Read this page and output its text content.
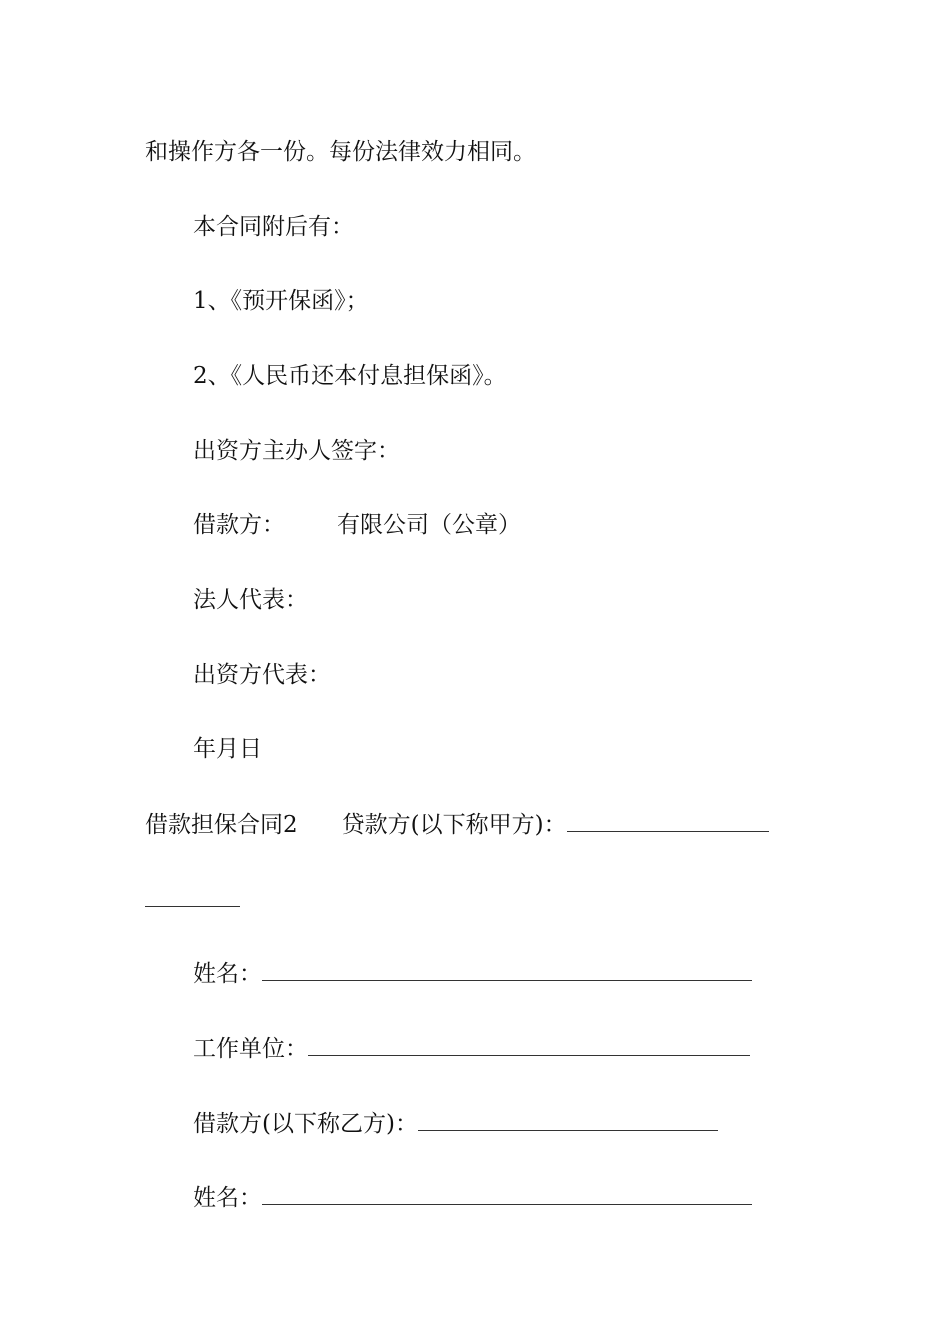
和操作方各一份。每份法律效力相同。
本合同附后有：
1、《预开保函》；
2、《人民币还本付息担保函》。
出资方主办人签字：
借款方： 有限公司（公章）
法人代表：
出资方代表：
年月日
借款担保合同2 贷款方(以下称甲方)：
姓名：
工作单位：
借款方(以下称乙方)：
姓名：
